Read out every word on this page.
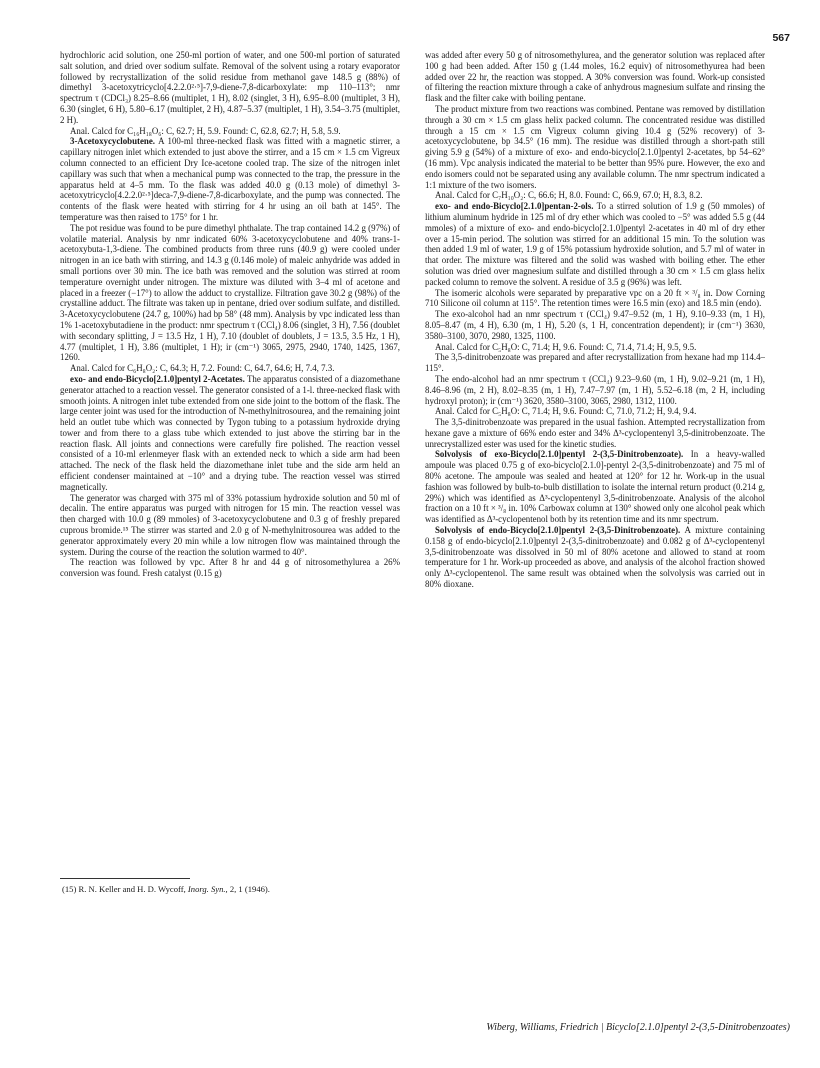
567

hydrochloric acid solution, one 250-ml portion of water, and one 500-ml portion of saturated salt solution, and dried over sodium sulfate. Removal of the solvent using a rotary evaporator followed by recrystallization of the solid residue from methanol gave 148.5 g (88%) of dimethyl 3-acetoxytricyclo[4.2.2.0²·⁵]-7,9-diene-7,8-dicarboxylate: mp 110–113°; nmr spectrum τ (CDCl₃) 8.25–8.66 (multiplet, 1 H), 8.02 (singlet, 3 H), 6.95–8.00 (multiplet, 3 H), 6.30 (singlet, 6 H), 5.80–6.17 (multiplet, 2 H), 4.87–5.37 (multiplet, 1 H), 3.54–3.75 (multiplet, 2 H).

Anal. Calcd for C₁₆H₁₈O₆: C, 62.7; H, 5.9. Found: C, 62.8, 62.7; H, 5.8, 5.9.

3-Acetoxycyclobutene. A 100-ml three-necked flask was fitted with a magnetic stirrer, a capillary nitrogen inlet which extended to just above the stirrer, and a 15 cm × 1.5 cm Vigreux column connected to an efficient Dry Ice-acetone cooled trap. The size of the nitrogen inlet capillary was such that when a mechanical pump was connected to the trap, the pressure in the apparatus held at 4–5 mm. To the flask was added 40.0 g (0.13 mole) of dimethyl 3-acetoxytricyclo[4.2.2.0²·⁵]deca-7,9-diene-7,8-dicarboxylate, and the pump was connected. The contents of the flask were heated with stirring for 4 hr using an oil bath at 145°. The temperature was then raised to 175° for 1 hr.

The pot residue was found to be pure dimethyl phthalate. The trap contained 14.2 g (97%) of volatile material. Analysis by nmr indicated 60% 3-acetoxycyclobutene and 40% trans-1-acetoxybuta-1,3-diene. The combined products from three runs (40.9 g) were cooled under nitrogen in an ice bath with stirring, and 14.3 g (0.146 mole) of maleic anhydride was added in small portions over 30 min. The ice bath was removed and the solution was stirred at room temperature overnight under nitrogen. The mixture was diluted with 3–4 ml of acetone and placed in a freezer (−17°) to allow the adduct to crystallize. Filtration gave 30.2 g (98%) of the crystalline adduct. The filtrate was taken up in pentane, dried over sodium sulfate, and distilled. 3-Acetoxycyclobutene (24.7 g, 100%) had bp 58° (48 mm). Analysis by vpc indicated less than 1% 1-acetoxybutadiene in the product: nmr spectrum τ (CCl₄) 8.06 (singlet, 3 H), 7.56 (doublet with secondary splitting, J = 13.5 Hz, 1 H), 7.10 (doublet of doublets, J = 13.5, 3.5 Hz, 1 H), 4.77 (multiplet, 1 H), 3.86 (multiplet, 1 H); ir (cm⁻¹) 3065, 2975, 2940, 1740, 1425, 1367, 1260.

Anal. Calcd for C₆H₈O₂: C, 64.3; H, 7.2. Found: C, 64.7, 64.6; H, 7.4, 7.3.

exo- and endo-Bicyclo[2.1.0]pentyl 2-Acetates. The apparatus consisted of a diazomethane generator attached to a reaction vessel. The generator consisted of a 1-l. three-necked flask with smooth joints. A nitrogen inlet tube extended from one side joint to the bottom of the flask. The large center joint was used for the introduction of N-methylnitrosourea, and the remaining joint held an outlet tube which was connected by Tygon tubing to a potassium hydroxide drying tower and from there to a glass tube which extended to just above the stirring bar in the reaction flask. All joints and connections were carefully fire polished. The reaction vessel consisted of a 10-ml erlenmeyer flask with an extended neck to which a side arm had been attached. The neck of the flask held the diazomethane inlet tube and the side arm held an efficient condenser maintained at −10° and a drying tube. The reaction vessel was stirred magnetically.

The generator was charged with 375 ml of 33% potassium hydroxide solution and 50 ml of decalin. The entire apparatus was purged with nitrogen for 15 min. The reaction vessel was then charged with 10.0 g (89 mmoles) of 3-acetoxycyclobutene and 0.3 g of freshly prepared cuprous bromide.¹⁵ The stirrer was started and 2.0 g of N-methylnitrosourea was added to the generator approximately every 20 min while a low nitrogen flow was maintained through the system. During the course of the reaction the solution warmed to 40°.

The reaction was followed by vpc. After 8 hr and 44 g of nitrosomethylurea a 26% conversion was found. Fresh catalyst (0.15 g)

was added after every 50 g of nitrosomethylurea, and the generator solution was replaced after 100 g had been added. After 150 g (1.44 moles, 16.2 equiv) of nitrosomethyurea had been added over 22 hr, the reaction was stopped. A 30% conversion was found. Work-up consisted of filtering the reaction mixture through a cake of anhydrous magnesium sulfate and rinsing the flask and the filter cake with boiling pentane.

The product mixture from two reactions was combined. Pentane was removed by distillation through a 30 cm × 1.5 cm glass helix packed column. The concentrated residue was distilled through a 15 cm × 1.5 cm Vigreux column giving 10.4 g (52% recovery) of 3-acetoxycyclobutene, bp 34.5° (16 mm). The residue was distilled through a short-path still giving 5.9 g (54%) of a mixture of exo- and endo-bicyclo[2.1.0]pentyl 2-acetates, bp 54–62° (16 mm). Vpc analysis indicated the material to be better than 95% pure. However, the exo and endo isomers could not be separated using any available column. The nmr spectrum indicated a 1:1 mixture of the two isomers.

Anal. Calcd for C₇H₁₀O₂: C, 66.6; H, 8.0. Found: C, 66.9, 67.0; H, 8.3, 8.2.

exo- and endo-Bicyclo[2.1.0]pentan-2-ols. To a stirred solution of 1.9 g (50 mmoles) of lithium aluminum hydride in 125 ml of dry ether which was cooled to −5° was added 5.5 g (44 mmoles) of a mixture of exo- and endo-bicyclo[2.1.0]pentyl 2-acetates in 40 ml of dry ether over a 15-min period. The solution was stirred for an additional 15 min. To the solution was then added 1.9 ml of water, 1.9 g of 15% potassium hydroxide solution, and 5.7 ml of water in that order. The mixture was filtered and the solid was washed with boiling ether. The ether solution was dried over magnesium sulfate and distilled through a 30 cm × 1.5 cm glass helix packed column to remove the solvent. A residue of 3.5 g (96%) was left.

The isomeric alcohols were separated by preparative vpc on a 20 ft × ³/₈ in. Dow Corning 710 Silicone oil column at 115°. The retention times were 16.5 min (exo) and 18.5 min (endo).

The exo-alcohol had an nmr spectrum τ (CCl₄) 9.47–9.52 (m, 1 H), 9.10–9.33 (m, 1 H), 8.05–8.47 (m, 4 H), 6.30 (m, 1 H), 5.20 (s, 1 H, concentration dependent); ir (cm⁻¹) 3630, 3580–3100, 3070, 2980, 1325, 1100.

Anal. Calcd for C₅H₈O: C, 71.4; H, 9.6. Found: C, 71.4, 71.4; H, 9.5, 9.5.

The 3,5-dinitrobenzoate was prepared and after recrystallization from hexane had mp 114.4–115°.

The endo-alcohol had an nmr spectrum τ (CCl₄) 9.23–9.60 (m, 1 H), 9.02–9.21 (m, 1 H), 8.46–8.96 (m, 2 H), 8.02–8.35 (m, 1 H), 7.47–7.97 (m, 1 H), 5.52–6.18 (m, 2 H, including hydroxyl proton); ir (cm⁻¹) 3620, 3580–3100, 3065, 2980, 1312, 1100.

Anal. Calcd for C₅H₈O: C, 71.4; H, 9.6. Found: C, 71.0, 71.2; H, 9.4, 9.4.

The 3,5-dinitrobenzoate was prepared in the usual fashion. Attempted recrystallization from hexane gave a mixture of 66% endo ester and 34% Δ³-cyclopentenyl 3,5-dinitrobenzoate. The unrecrystallized ester was used for the kinetic studies.

Solvolysis of exo-Bicyclo[2.1.0]pentyl 2-(3,5-Dinitrobenzoate). In a heavy-walled ampoule was placed 0.75 g of exo-bicyclo[2.1.0]-pentyl 2-(3,5-dinitrobenzoate) and 75 ml of 80% acetone. The ampoule was sealed and heated at 120° for 12 hr. Work-up in the usual fashion was followed by bulb-to-bulb distillation to isolate the internal return product (0.214 g, 29%) which was identified as Δ³-cyclopentenyl 3,5-dinitrobenzoate. Analysis of the alcohol fraction on a 10 ft × ³/₈ in. 10% Carbowax column at 130° showed only one alcohol peak which was identified as Δ³-cyclopentenol both by its retention time and its nmr spectrum.

Solvolysis of endo-Bicyclo[2.1.0]pentyl 2-(3,5-Dinitrobenzoate). A mixture containing 0.158 g of endo-bicyclo[2.1.0]pentyl 2-(3,5-dinitrobenzoate) and 0.082 g of Δ³-cyclopentenyl 3,5-dinitrobenzoate was dissolved in 50 ml of 80% acetone and allowed to stand at room temperature for 1 hr. Work-up proceeded as above, and analysis of the alcohol fraction showed only Δ³-cyclopentenol. The same result was obtained when the solvolysis was carried out in 80% dioxane.

(15) R. N. Keller and H. D. Wycoff, Inorg. Syn., 2, 1 (1946).
Wiberg, Williams, Friedrich | Bicyclo[2.1.0]pentyl 2-(3,5-Dinitrobenzoates)
